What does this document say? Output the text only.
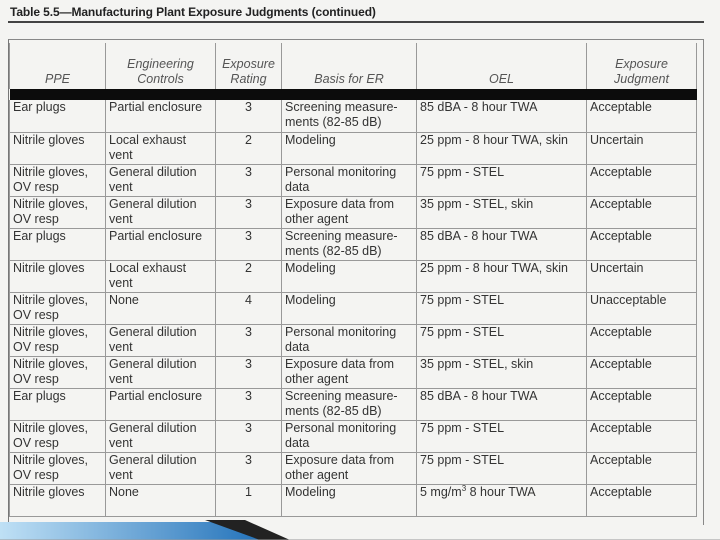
Table 5.5—Manufacturing Plant Exposure Judgments (continued)
PPE	Engineering Controls	Exposure Rating	Basis for ER	OEL	Exposure Judgment

Ear plugs	Partial enclosure	3	Screening measure-ments (82-85 dB)	85 dBA - 8 hour TWA	Acceptable
Nitrile gloves	Local exhaust vent	2	Modeling	25 ppm - 8 hour TWA, skin	Uncertain
Nitrile gloves, OV resp	General dilution vent	3	Personal monitoring data	75 ppm - STEL	Acceptable
Nitrile gloves, OV resp	General dilution vent	3	Exposure data from other agent	35 ppm - STEL, skin	Acceptable
Ear plugs	Partial enclosure	3	Screening measure-ments (82-85 dB)	85 dBA - 8 hour TWA	Acceptable
Nitrile gloves	Local exhaust vent	2	Modeling	25 ppm - 8 hour TWA, skin	Uncertain
Nitrile gloves, OV resp	None	4	Modeling	75 ppm - STEL	Unacceptable
Nitrile gloves, OV resp	General dilution vent	3	Personal monitoring data	75 ppm - STEL	Acceptable
Nitrile gloves, OV resp	General dilution vent	3	Exposure data from other agent	35 ppm - STEL, skin	Acceptable
Ear plugs	Partial enclosure	3	Screening measure-ments (82-85 dB)	85 dBA - 8 hour TWA	Acceptable
Nitrile gloves, OV resp	General dilution vent	3	Personal monitoring data	75 ppm - STEL	Acceptable
Nitrile gloves, OV resp	General dilution vent	3	Exposure data from other agent	75 ppm - STEL	Acceptable
Nitrile gloves	None	1	Modeling	5 $mg/m^3$ 8 hour TWA	Acceptable
